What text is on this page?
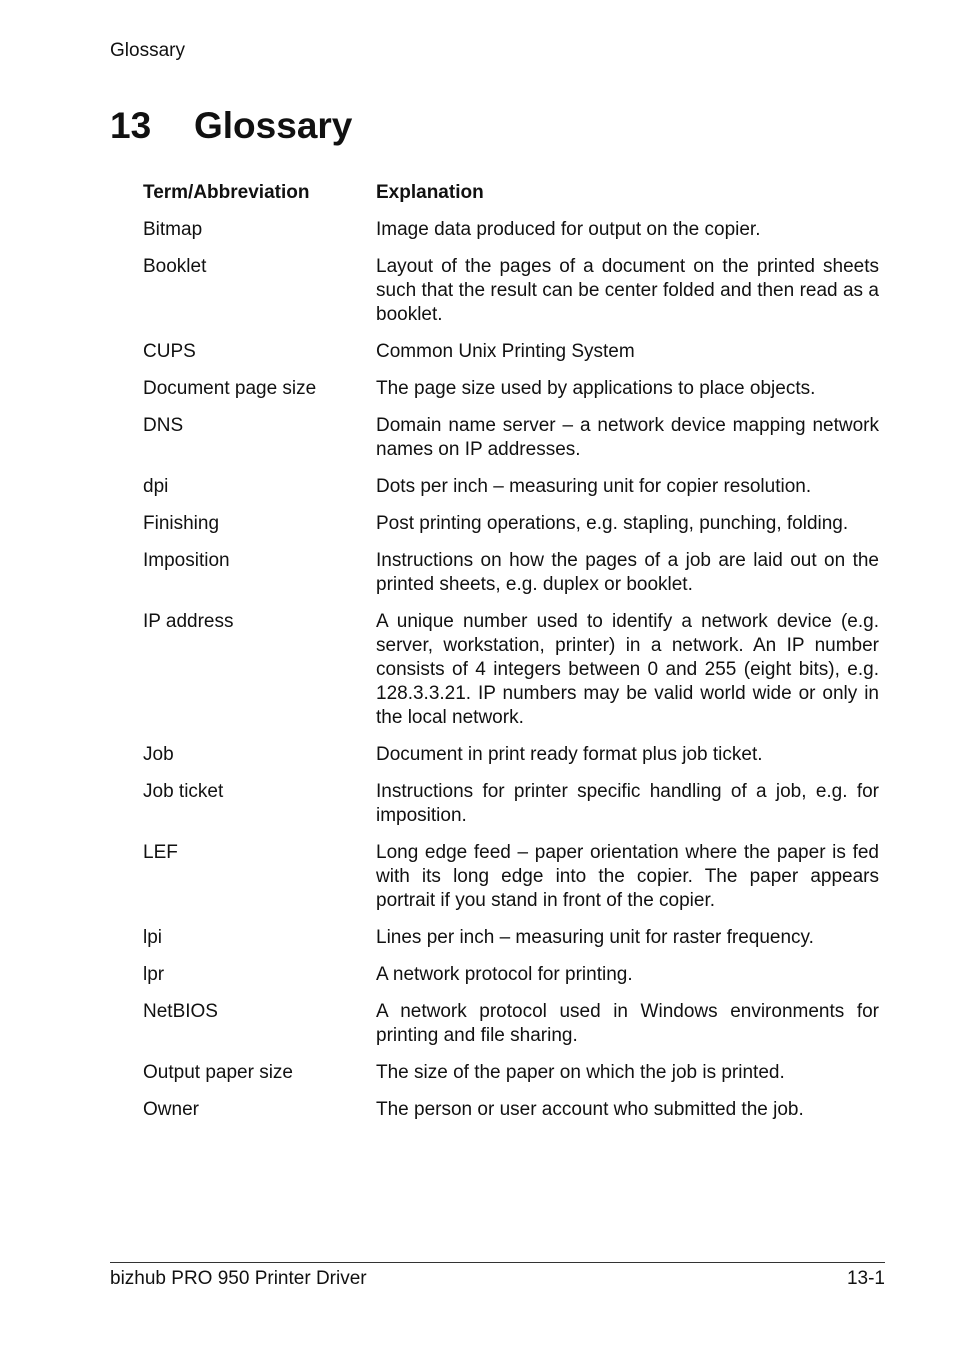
Glossary
13 Glossary
Term/Abbreviation	Explanation
Bitmap	Image data produced for output on the copier.
Booklet	Layout of the pages of a document on the printed sheets such that the result can be center folded and then read as a booklet.
CUPS	Common Unix Printing System
Document page size	The page size used by applications to place objects.
DNS	Domain name server – a network device mapping network names on IP addresses.
dpi	Dots per inch – measuring unit for copier resolution.
Finishing	Post printing operations, e.g. stapling, punching, folding.
Imposition	Instructions on how the pages of a job are laid out on the printed sheets, e.g. duplex or booklet.
IP address	A unique number used to identify a network device (e.g. server, workstation, printer) in a network. An IP number consists of 4 integers between 0 and 255 (eight bits), e.g. 128.3.3.21. IP numbers may be valid world wide or only in the local network.
Job	Document in print ready format plus job ticket.
Job ticket	Instructions for printer specific handling of a job, e.g. for imposition.
LEF	Long edge feed – paper orientation where the paper is fed with its long edge into the copier. The paper appears portrait if you stand in front of the copier.
lpi	Lines per inch – measuring unit for raster frequency.
lpr	A network protocol for printing.
NetBIOS	A network protocol used in Windows environments for printing and file sharing.
Output paper size	The size of the paper on which the job is printed.
Owner	The person or user account who submitted the job.
bizhub PRO 950 Printer Driver	13-1
